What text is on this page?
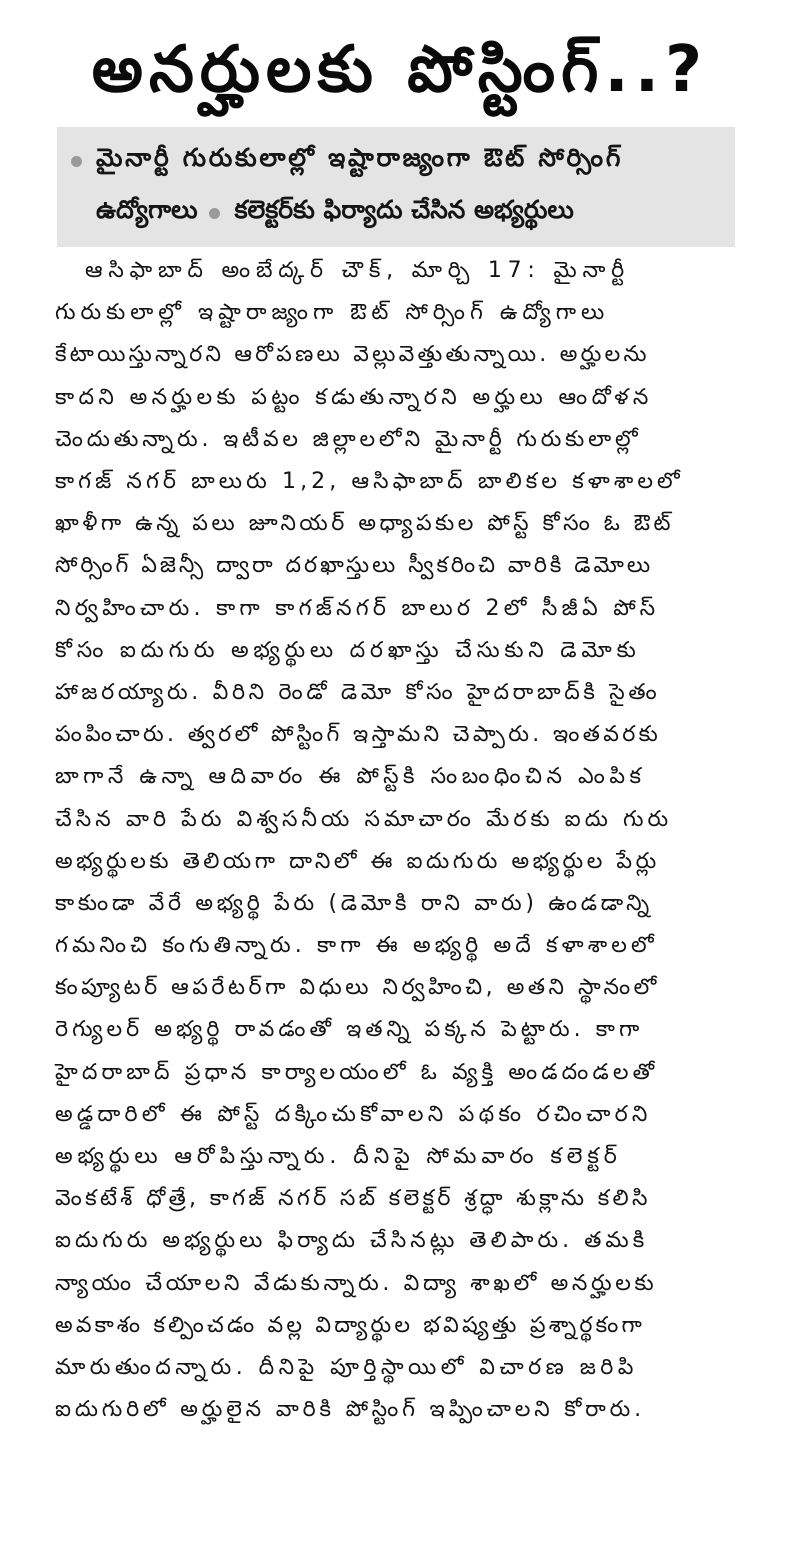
అనర్హులకు పోస్టింగ్..?
మైనార్టీ గురుకులాల్లో ఇష్టారాజ్యంగా ఔట్ సోర్సింగ్
ఉద్యోగాలు కలెక్టర్‌కు ఫిర్యాదు చేసిన అభ్యర్థులు
ఆసిఫాబాద్ అంబేద్కర్ చౌక్, మార్చి 17: మైనార్టీ
గురుకులాల్లో ఇష్టారాజ్యంగా ఔట్ సోర్సింగ్ ఉద్యోగాలు
కేటాయిస్తున్నారని ఆరోపణలు వెల్లువెత్తుతున్నాయి. అర్హులను
కాదని అనర్హులకు పట్టం కడుతున్నారని అర్హులు ఆందోళన
చెందుతున్నారు. ఇటీవల జిల్లాలలోని మైనార్టీ గురుకులాల్లో
కాగజ్ నగర్ బాలురు 1,2, ఆసిఫాబాద్ బాలికల కళాశాలలో
ఖాళీగా ఉన్న పలు జూనియర్ అధ్యాపకుల పోస్ట్ కోసం ఓ ఔట్
సోర్సింగ్ ఏజెన్సీ ద్వారా దరఖాస్తులు స్వీకరించి వారికి డెమోలు
నిర్వహించారు. కాగా కాగజ్‌నగర్ బాలుర 2లో సీజీఏ పోస్
కోసం ఐదుగురు అభ్యర్థులు దరఖాస్తు చేసుకుని డెమోకు
హాజరయ్యారు. వీరిని రెండో డెమో కోసం హైదరాబాద్‌కి సైతం
పంపించారు. త్వరలో పోస్టింగ్ ఇస్తామని చెప్పారు. ఇంతవరకు
బాగానే ఉన్నా ఆదివారం ఈ పోస్ట్‌కి సంబంధించిన ఎంపిక
చేసిన వారి పేరు విశ్వసనీయ సమాచారం మేరకు ఐదు గురు
అభ్యర్థులకు తెలియగా దానిలో ఈ ఐదుగురు అభ్యర్థుల పేర్లు
కాకుండా వేరే అభ్యర్థి పేరు (డెమోకి రాని వారు) ఉండడాన్ని
గమనించి కంగుతిన్నారు. కాగా ఈ అభ్యర్థి అదే కళాశాలలో
కంప్యూటర్ ఆపరేటర్‌గా విధులు నిర్వహించి, అతని స్థానంలో
రెగ్యులర్ అభ్యర్థి రావడంతో ఇతన్ని పక్కన పెట్టారు. కాగా
హైదరాబాద్ ప్రధాన కార్యాలయంలో ఓ వ్యక్తి అండదండలతో
అడ్డదారిలో ఈ పోస్ట్ దక్కించుకోవాలని పథకం రచించారని
అభ్యర్థులు ఆరోపిస్తున్నారు. దీనిపై సోమవారం కలెక్టర్
వెంకటేశ్ ధోత్రే, కాగజ్ నగర్ సబ్ కలెక్టర్ శ్రద్ధా శుక్లాను కలిసి
ఐదుగురు అభ్యర్థులు ఫిర్యాదు చేసినట్లు తెలిపారు. తమకి
న్యాయం చేయాలని వేడుకున్నారు. విద్యా శాఖలో అనర్హులకు
అవకాశం కల్పించడం వల్ల విద్యార్థుల భవిష్యత్తు ప్రశ్నార్థకంగా
మారుతుందన్నారు. దీనిపై పూర్తిస్థాయిలో విచారణ జరిపి
ఐదుగురిలో అర్హులైన వారికి పోస్టింగ్ ఇప్పించాలని కోరారు.
